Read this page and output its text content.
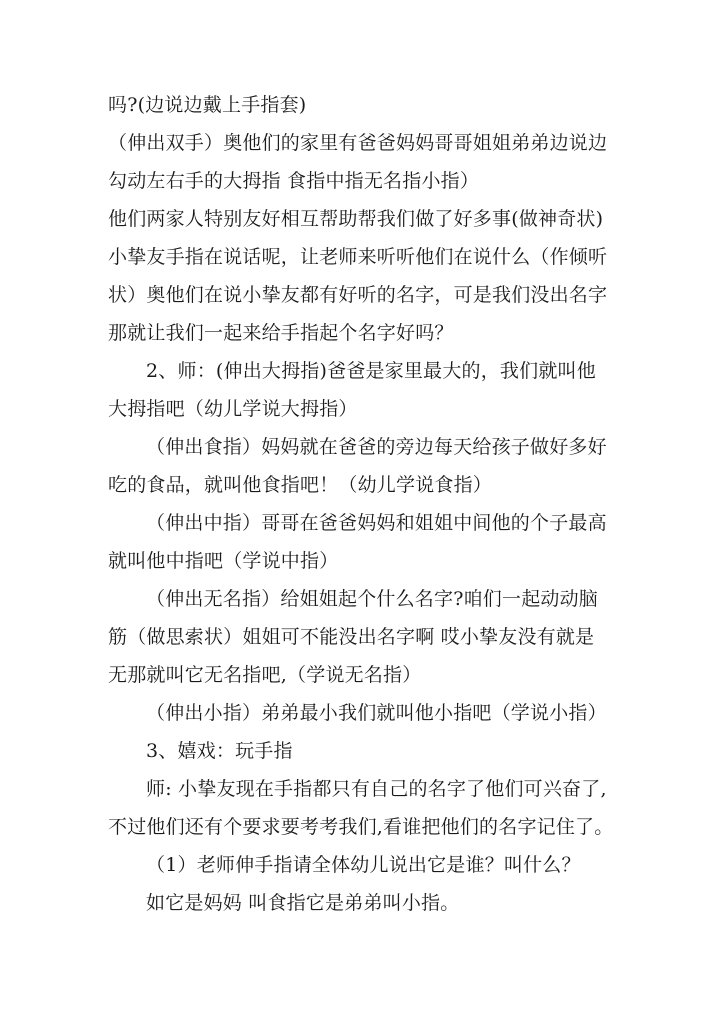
吗?(边说边戴上手指套)
（伸出双手）奥他们的家里有爸爸妈妈哥哥姐姐弟弟边说边
勾动左右手的大拇指 食指中指无名指小指）
他们两家人特别友好相互帮助帮我们做了好多事(做神奇状)
小挚友手指在说话呢，让老师来听听他们在说什么（作倾听
状）奥他们在说小挚友都有好听的名字，可是我们没出名字
那就让我们一起来给手指起个名字好吗？
2、师：(伸出大拇指)爸爸是家里最大的，我们就叫他
大拇指吧（幼儿学说大拇指）
（伸出食指）妈妈就在爸爸的旁边每天给孩子做好多好
吃的食品，就叫他食指吧！（幼儿学说食指）
（伸出中指）哥哥在爸爸妈妈和姐姐中间他的个子最高
就叫他中指吧（学说中指）
（伸出无名指）给姐姐起个什么名字?咱们一起动动脑
筋（做思索状）姐姐可不能没出名字啊 哎小挚友没有就是
无那就叫它无名指吧,（学说无名指）
（伸出小指）弟弟最小我们就叫他小指吧（学说小指）
3、嬉戏：玩手指
师: 小挚友现在手指都只有自己的名字了他们可兴奋了,
不过他们还有个要求要考考我们,看谁把他们的名字记住了。
（1）老师伸手指请全体幼儿说出它是谁？叫什么？
如它是妈妈 叫食指它是弟弟叫小指。
